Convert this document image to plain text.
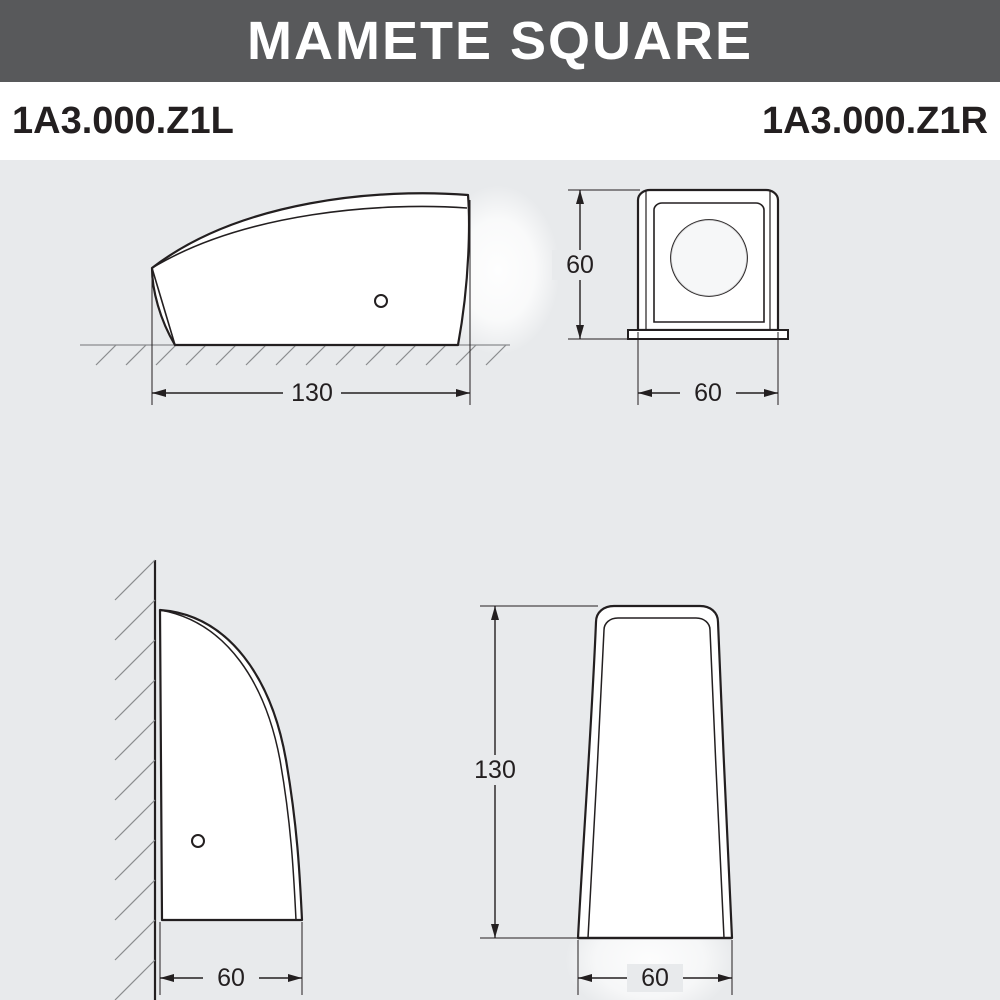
MAMETE SQUARE
1A3.000.Z1L	1A3.000.Z1R
130
60
60
60
130
60
